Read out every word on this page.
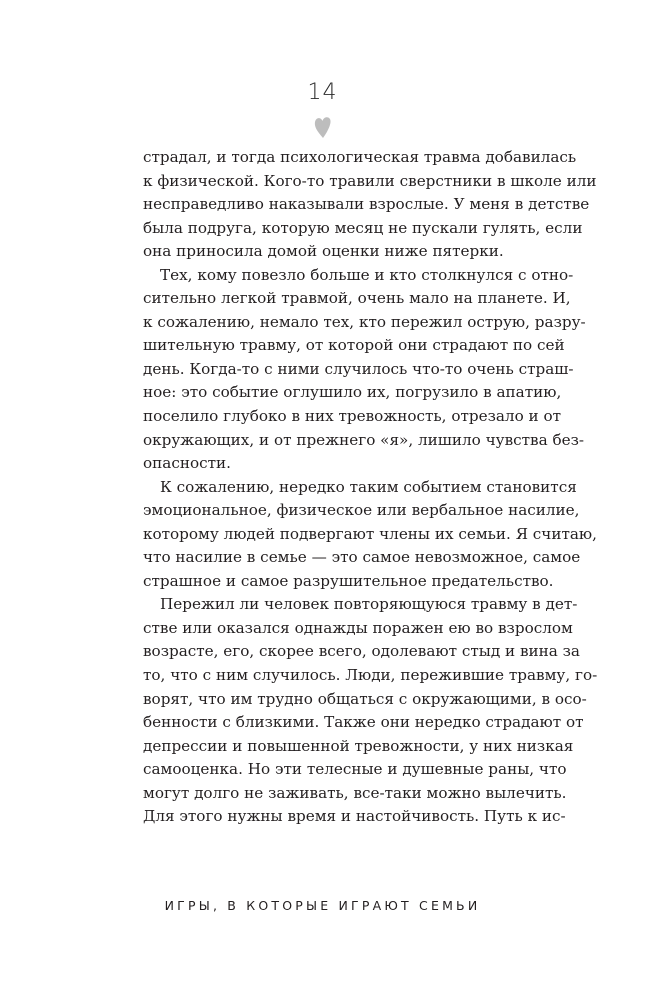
14
страдал, и тогда психологическая травма добавилась
к физической. Кого-то травили сверстники в школе или
несправедливо наказывали взрослые. У меня в детстве
была подруга, которую месяц не пускали гулять, если
она приносила домой оценки ниже пятерки.
Тех, кому повезло больше и кто столкнулся с отно-
сительно легкой травмой, очень мало на планете. И,
к сожалению, немало тех, кто пережил острую, разру-
шительную травму, от которой они страдают по сей
день. Когда-то с ними случилось что-то очень страш-
ное: это событие оглушило их, погрузило в апатию,
поселило глубоко в них тревожность, отрезало и от
окружающих, и от прежнего «я», лишило чувства без-
опасности.
К сожалению, нередко таким событием становится
эмоциональное, физическое или вербальное насилие,
которому людей подвергают члены их семьи. Я считаю,
что насилие в семье — это самое невозможное, самое
страшное и самое разрушительное предательство.
Пережил ли человек повторяющуюся травму в дет-
стве или оказался однажды поражен ею во взрослом
возрасте, его, скорее всего, одолевают стыд и вина за
то, что с ним случилось. Люди, пережившие травму, го-
ворят, что им трудно общаться с окружающими, в осо-
бенности с близкими. Также они нередко страдают от
депрессии и повышенной тревожности, у них низкая
самооценка. Но эти телесные и душевные раны, что
могут долго не заживать, все-таки можно вылечить.
Для этого нужны время и настойчивость. Путь к ис-
ИГРЫ, В КОТОРЫЕ ИГРАЮТ СЕМЬИ
